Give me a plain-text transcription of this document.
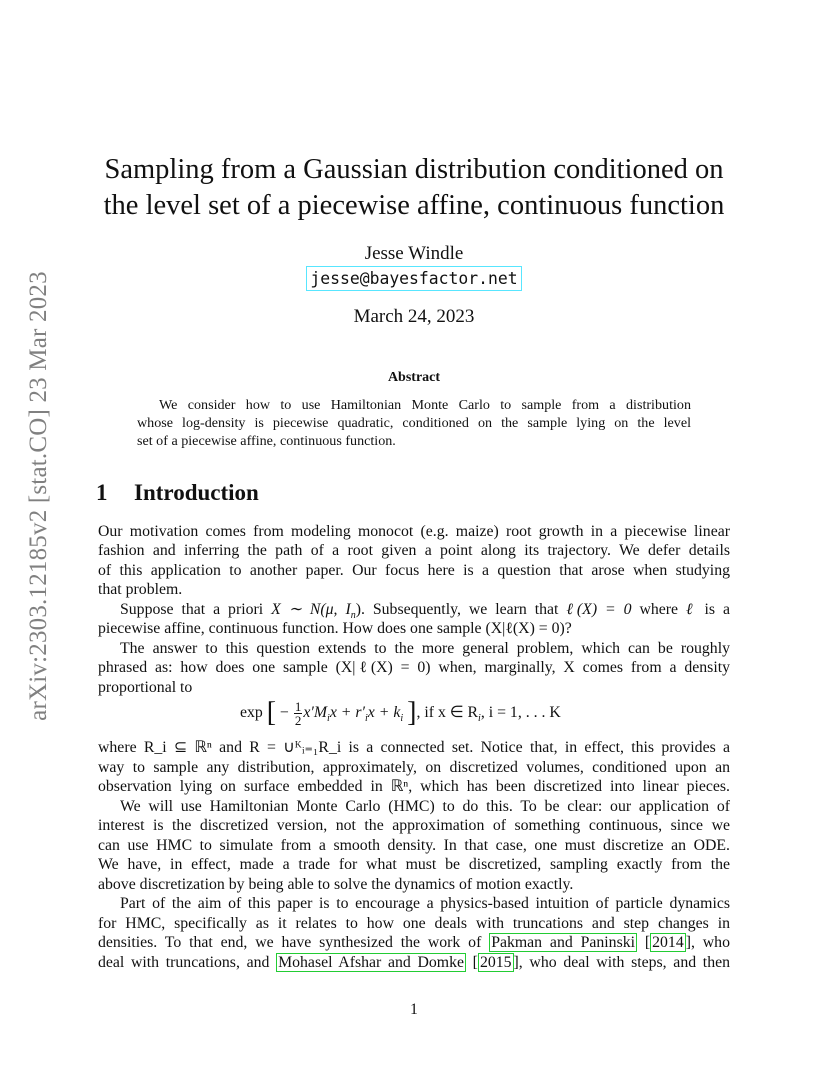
arXiv:2303.12185v2 [stat.CO] 23 Mar 2023
Sampling from a Gaussian distribution conditioned on
the level set of a piecewise affine, continuous function
Jesse Windle
jesse@bayesfactor.net
March 24, 2023
Abstract
We consider how to use Hamiltonian Monte Carlo to sample from a distribution
whose log-density is piecewise quadratic, conditioned on the sample lying on the level
set of a piecewise affine, continuous function.
1 Introduction
Our motivation comes from modeling monocot (e.g. maize) root growth in a piecewise linear
fashion and inferring the path of a root given a point along its trajectory. We defer details
of this application to another paper. Our focus here is a question that arose when studying
that problem.
Suppose that a priori X ∼ N(μ, $I_n$). Subsequently, we learn that ℓ(X) = 0 where ℓ is a
piecewise affine, continuous function. How does one sample (X|ℓ(X) = 0)?
The answer to this question extends to the more general problem, which can be roughly
phrased as: how does one sample (X|ℓ(X) = 0) when, marginally, X comes from a density
proportional to
exp [ − $\frac{1}{2} x'M_ix + r'_ix + k_i$ ], if x ∈ $R_i$, i = 1, . . . K
where R_i ⊆ ℝⁿ and R = ∪ᴷᵢ₌₁R_i is a connected set. Notice that, in effect, this provides a
way to sample any distribution, approximately, on discretized volumes, conditioned upon an
observation lying on surface embedded in ℝⁿ, which has been discretized into linear pieces.
We will use Hamiltonian Monte Carlo (HMC) to do this. To be clear: our application of
interest is the discretized version, not the approximation of something continuous, since we
can use HMC to simulate from a smooth density. In that case, one must discretize an ODE.
We have, in effect, made a trade for what must be discretized, sampling exactly from the
above discretization by being able to solve the dynamics of motion exactly.
Part of the aim of this paper is to encourage a physics-based intuition of particle dynamics
for HMC, specifically as it relates to how one deals with truncations and step changes in
densities. To that end, we have synthesized the work of Pakman and Paninski [ 2014 ], who
deal with truncations, and Mohasel Afshar and Domke [ 2015 ], who deal with steps, and then
1
